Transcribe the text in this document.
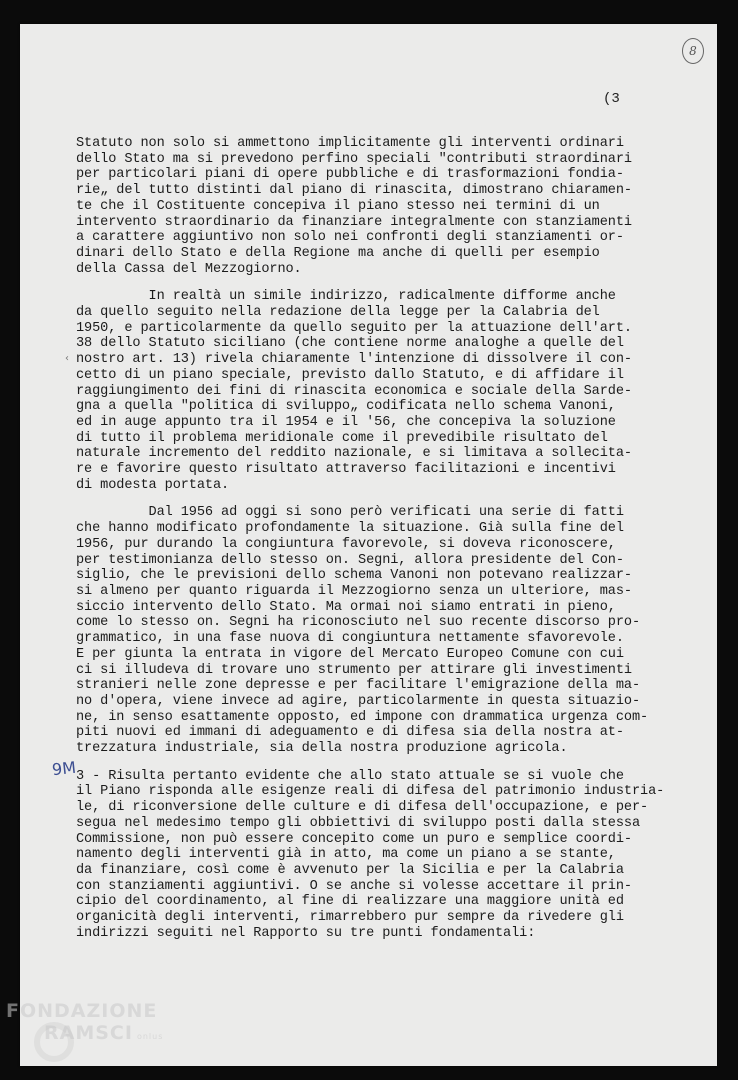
8
(3
‹
9M
Statuto non solo si ammettono implicitamente gli interventi ordinari
dello Stato ma si prevedono perfino speciali "contributi straordinari
per particolari piani di opere pubbliche e di trasformazioni fondia-
rie„ del tutto distinti dal piano di rinascita, dimostrano chiaramen-
te che il Costituente concepiva il piano stesso nei termini di un
intervento straordinario da finanziare integralmente con stanziamenti
a carattere aggiuntivo non solo nei confronti degli stanziamenti or-
dinari dello Stato e della Regione ma anche di quelli per esempio
della Cassa del Mezzogiorno.
In realtà un simile indirizzo, radicalmente difforme anche
da quello seguito nella redazione della legge per la Calabria del
1950, e particolarmente da quello seguito per la attuazione dell'art.
38 dello Statuto siciliano (che contiene norme analoghe a quelle del
nostro art. 13) rivela chiaramente l'intenzione di dissolvere il con-
cetto di un piano speciale, previsto dallo Statuto, e di affidare il
raggiungimento dei fini di rinascita economica e sociale della Sarde-
gna a quella "politica di sviluppo„ codificata nello schema Vanoni,
ed in auge appunto tra il 1954 e il '56, che concepiva la soluzione
di tutto il problema meridionale come il prevedibile risultato del
naturale incremento del reddito nazionale, e si limitava a sollecita-
re e favorire questo risultato attraverso facilitazioni e incentivi
di modesta portata.
Dal 1956 ad oggi si sono però verificati una serie di fatti
che hanno modificato profondamente la situazione. Già sulla fine del
1956, pur durando la congiuntura favorevole, si doveva riconoscere,
per testimonianza dello stesso on. Segni, allora presidente del Con-
siglio, che le previsioni dello schema Vanoni non potevano realizzar-
si almeno per quanto riguarda il Mezzogiorno senza un ulteriore, mas-
siccio intervento dello Stato. Ma ormai noi siamo entrati in pieno,
come lo stesso on. Segni ha riconosciuto nel suo recente discorso pro-
grammatico, in una fase nuova di congiuntura nettamente sfavorevole.
E per giunta la entrata in vigore del Mercato Europeo Comune con cui
ci si illudeva di trovare uno strumento per attirare gli investimenti
stranieri nelle zone depresse e per facilitare l'emigrazione della ma-
no d'opera, viene invece ad agire, particolarmente in questa situazio-
ne, in senso esattamente opposto, ed impone con drammatica urgenza com-
piti nuovi ed immani di adeguamento e di difesa sia della nostra at-
trezzatura industriale, sia della nostra produzione agricola.
3 - Risulta pertanto evidente che allo stato attuale se si vuole che
il Piano risponda alle esigenze reali di difesa del patrimonio industria-
le, di riconversione delle culture e di difesa dell'occupazione, e per-
segua nel medesimo tempo gli obbiettivi di sviluppo posti dalla stessa
Commissione, non può essere concepito come un puro e semplice coordi-
namento degli interventi già in atto, ma come un piano a se stante,
da finanziare, così come è avvenuto per la Sicilia e per la Calabria
con stanziamenti aggiuntivi. O se anche si volesse accettare il prin-
cipio del coordinamento, al fine di realizzare una maggiore unità ed
organicità degli interventi, rimarrebbero pur sempre da rivedere gli
indirizzi seguiti nel Rapporto su tre punti fondamentali:
FONDAZIONE
RAMSCI onlus
